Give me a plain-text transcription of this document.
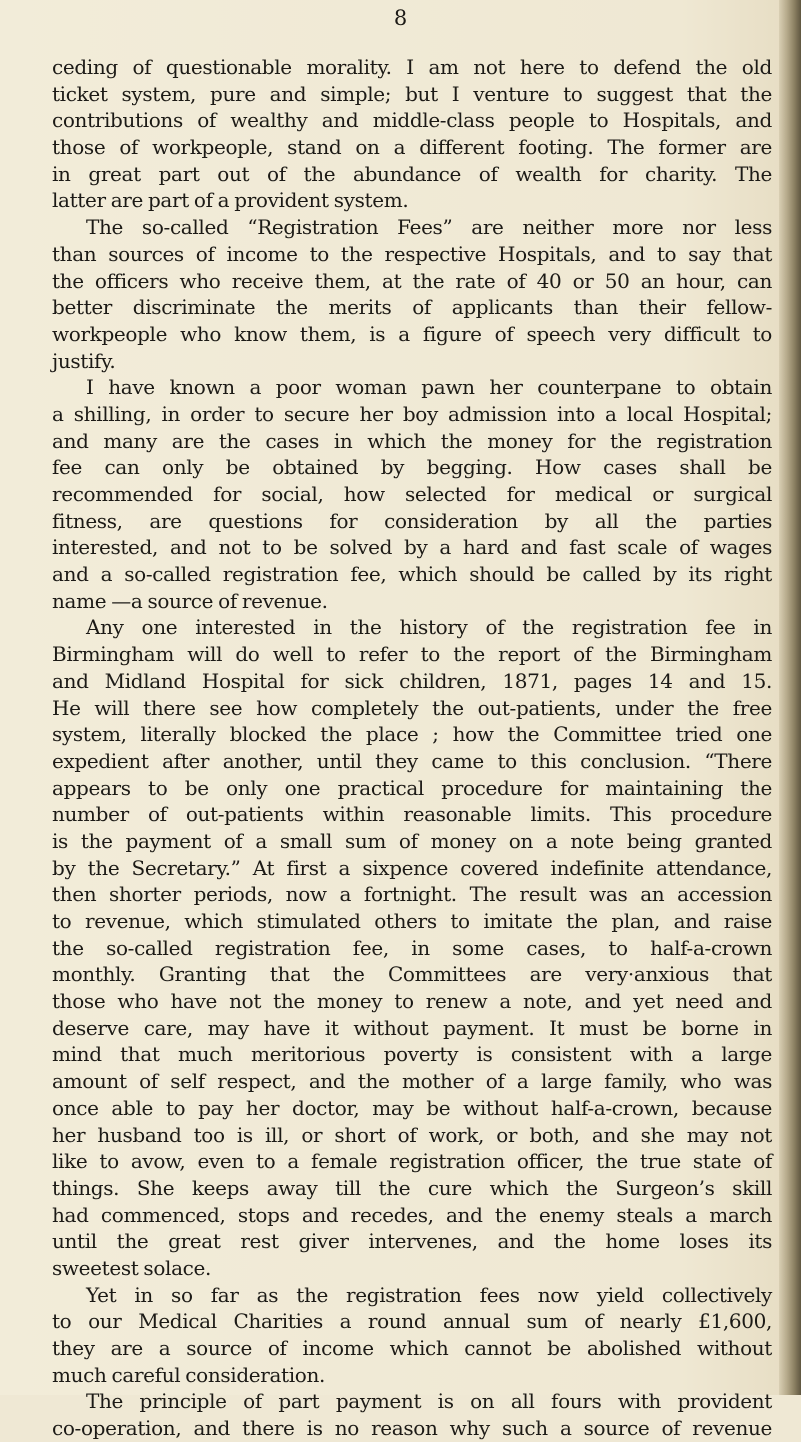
8

ceding of questionable morality. I am not here to defend the old
ticket system, pure and simple; but I venture to suggest that the
contributions of wealthy and middle-class people to Hospitals, and
those of workpeople, stand on a different footing. The former are
in great part out of the abundance of wealth for charity. The
latter are part of a provident system.
The so-called “Registration Fees” are neither more nor less
than sources of income to the respective Hospitals, and to say that
the officers who receive them, at the rate of 40 or 50 an hour, can
better discriminate the merits of applicants than their fellow-
workpeople who know them, is a figure of speech very difficult to
justify.
I have known a poor woman pawn her counterpane to obtain
a shilling, in order to secure her boy admission into a local Hospital;
and many are the cases in which the money for the registration
fee can only be obtained by begging. How cases shall be
recommended for social, how selected for medical or surgical
fitness, are questions for consideration by all the parties
interested, and not to be solved by a hard and fast scale of wages
and a so-called registration fee, which should be called by its right
name —a source of revenue.
Any one interested in the history of the registration fee in
Birmingham will do well to refer to the report of the Birmingham
and Midland Hospital for sick children, 1871, pages 14 and 15.
He will there see how completely the out-patients, under the free
system, literally blocked the place ; how the Committee tried one
expedient after another, until they came to this conclusion. “There
appears to be only one practical procedure for maintaining the
number of out-patients within reasonable limits. This procedure
is the payment of a small sum of money on a note being granted
by the Secretary.” At first a sixpence covered indefinite attendance,
then shorter periods, now a fortnight. The result was an accession
to revenue, which stimulated others to imitate the plan, and raise
the so-called registration fee, in some cases, to half-a-crown
monthly. Granting that the Committees are very·anxious that
those who have not the money to renew a note, and yet need and
deserve care, may have it without payment. It must be borne in
mind that much meritorious poverty is consistent with a large
amount of self respect, and the mother of a large family, who was
once able to pay her doctor, may be without half-a-crown, because
her husband too is ill, or short of work, or both, and she may not
like to avow, even to a female registration officer, the true state of
things. She keeps away till the cure which the Surgeon’s skill
had commenced, stops and recedes, and the enemy steals a march
until the great rest giver intervenes, and the home loses its
sweetest solace.
Yet in so far as the registration fees now yield collectively
to our Medical Charities a round annual sum of nearly £1,600,
they are a source of income which cannot be abolished without
much careful consideration.
The principle of part payment is on all fours with provident
co-operation, and there is no reason why such a source of revenue
